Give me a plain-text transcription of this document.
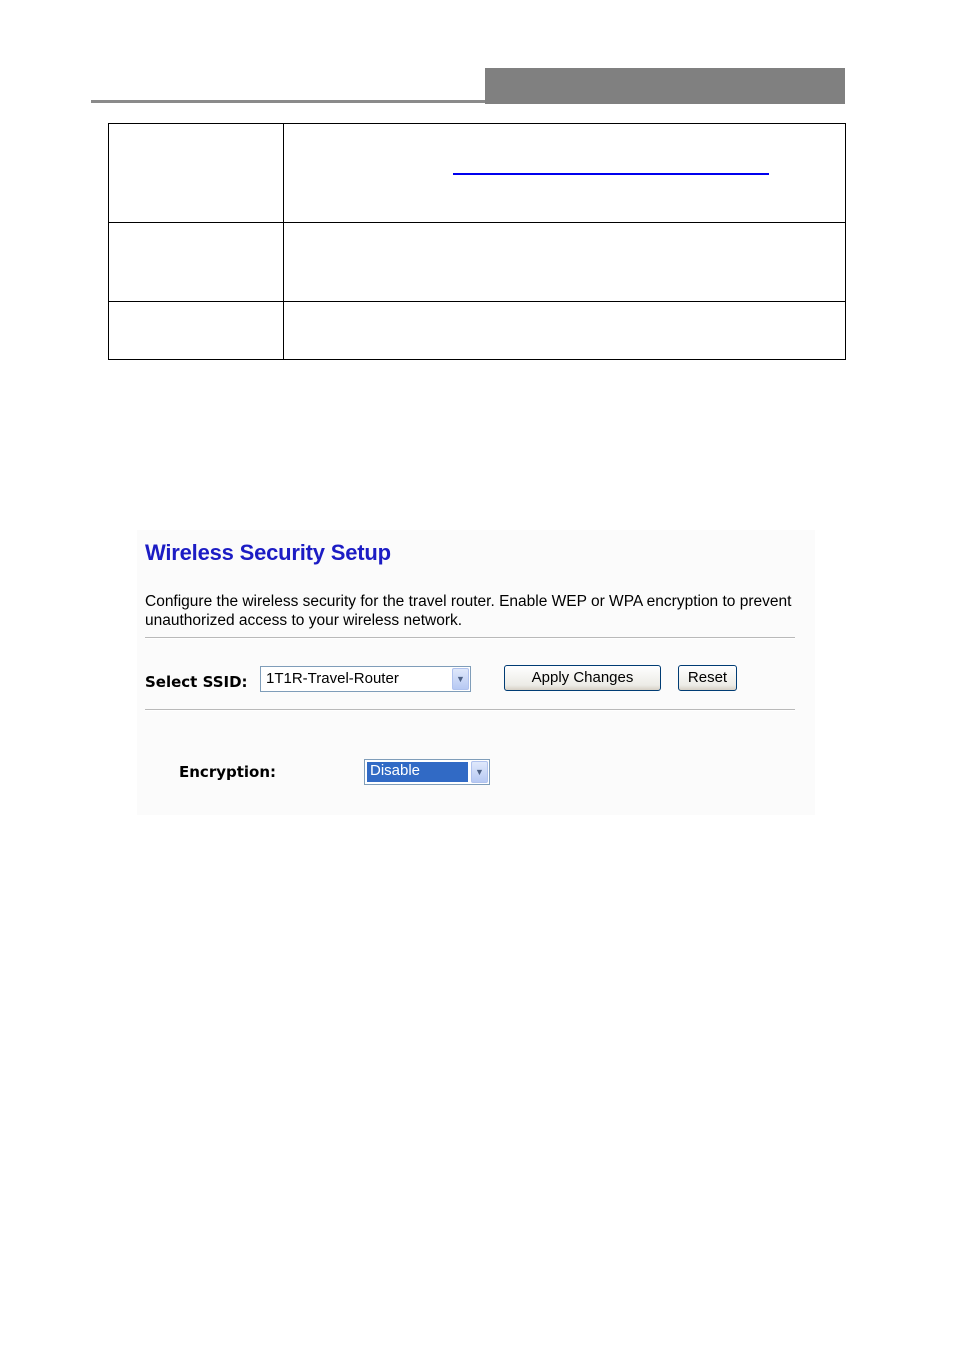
Wireless Security Setup

Configure the wireless security for the travel router. Enable WEP or WPA encryption to prevent unauthorized access to your wireless network.

Select SSID: 1T1R-Travel-Router	▼	Apply Changes	Reset
Encryption:	Disable	▼
